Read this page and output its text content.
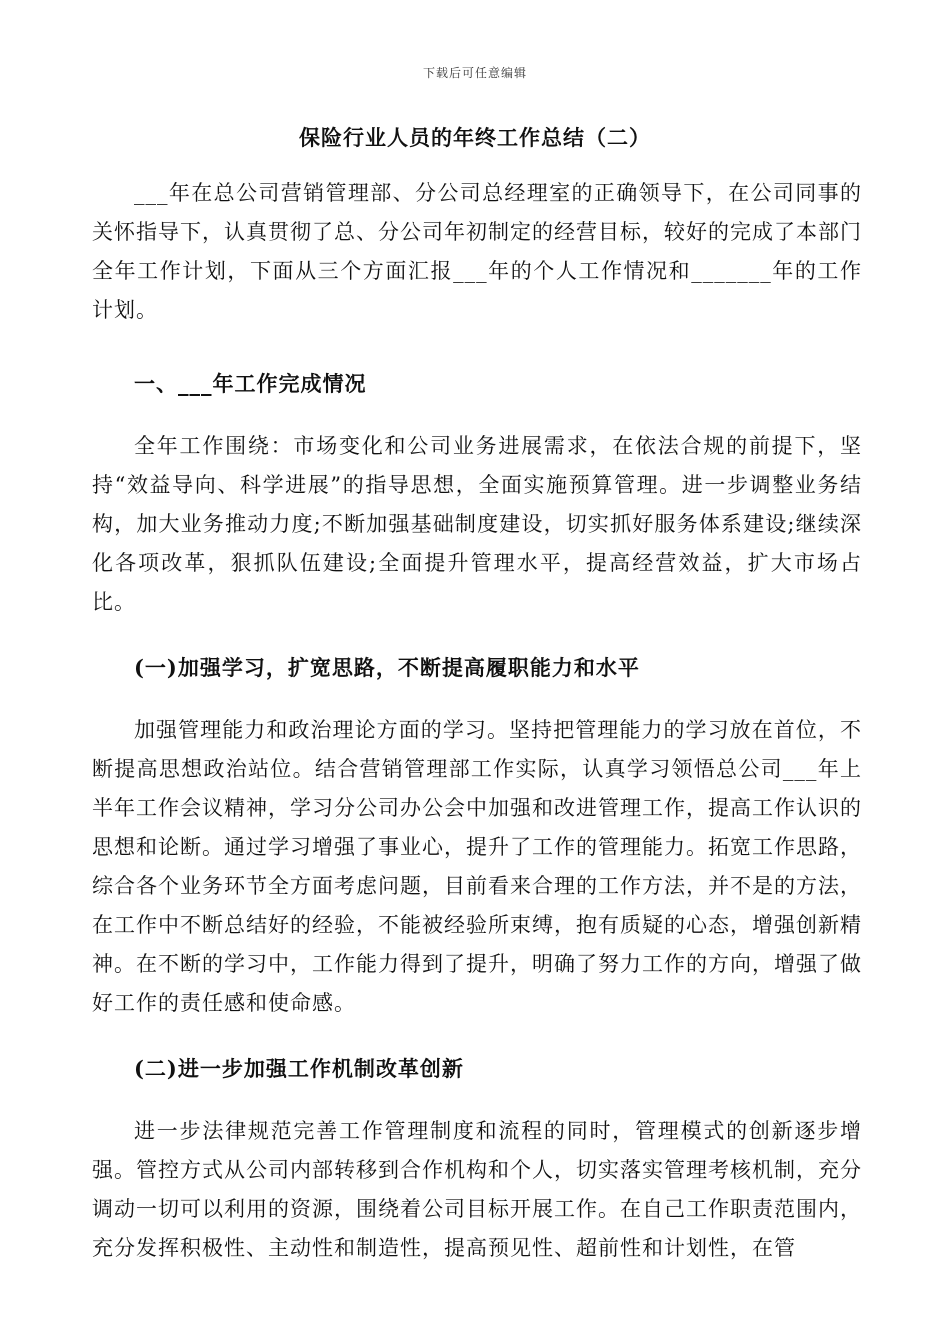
下载后可任意编辑
保险行业人员的年终工作总结（二）

___年在总公司营销管理部、分公司总经理室的正确领导下，在公司同事的关怀指导下，认真贯彻了总、分公司年初制定的经营目标，较好的完成了本部门全年工作计划，下面从三个方面汇报___年的个人工作情况和_______年的工作计划。

一、___年工作完成情况

全年工作围绕：市场变化和公司业务进展需求，在依法合规的前提下，坚持“效益导向、科学进展”的指导思想，全面实施预算管理。进一步调整业务结构，加大业务推动力度;不断加强基础制度建设，切实抓好服务体系建设;继续深化各项改革，狠抓队伍建设;全面提升管理水平，提高经营效益，扩大市场占比。

(一)加强学习，扩宽思路，不断提高履职能力和水平

加强管理能力和政治理论方面的学习。坚持把管理能力的学习放在首位，不断提高思想政治站位。结合营销管理部工作实际，认真学习领悟总公司___年上半年工作会议精神，学习分公司办公会中加强和改进管理工作，提高工作认识的思想和论断。通过学习增强了事业心，提升了工作的管理能力。拓宽工作思路，综合各个业务环节全方面考虑问题，目前看来合理的工作方法，并不是的方法，在工作中不断总结好的经验，不能被经验所束缚，抱有质疑的心态，增强创新精神。在不断的学习中，工作能力得到了提升，明确了努力工作的方向，增强了做好工作的责任感和使命感。

(二)进一步加强工作机制改革创新

进一步法律规范完善工作管理制度和流程的同时，管理模式的创新逐步增强。管控方式从公司内部转移到合作机构和个人，切实落实管理考核机制，充分调动一切可以利用的资源，围绕着公司目标开展工作。在自己工作职责范围内，充分发挥积极性、主动性和制造性，提高预见性、超前性和计划性，在管
